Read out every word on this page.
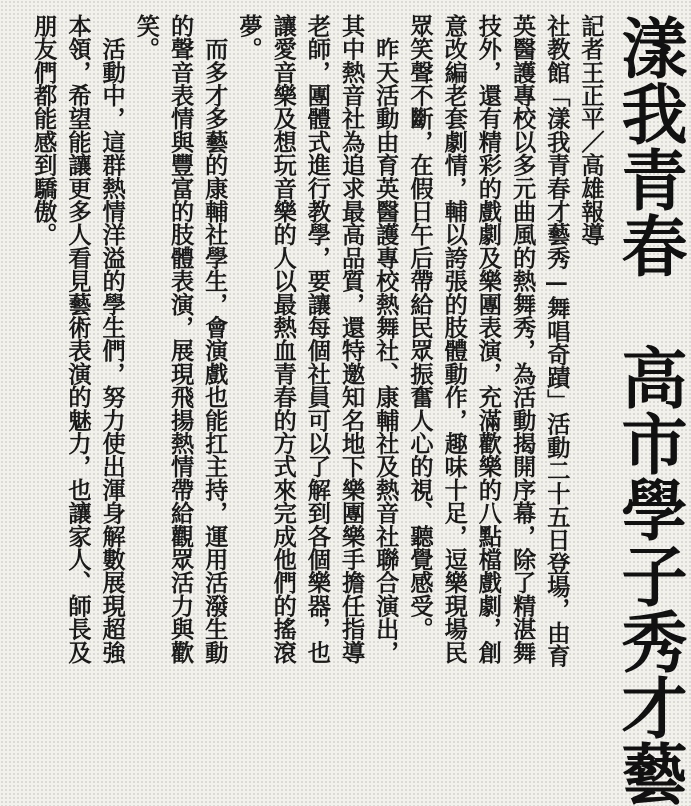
漾我青春　高市學子秀才藝

記者王正平／高雄報導

社教館「漾我青春才藝秀—舞唱奇蹟」活動二十五日登場，由育英醫護專校以多元曲風的熱舞秀，為活動揭開序幕，除了精湛舞技外，還有精彩的戲劇及樂團表演，充滿歡樂的八點檔戲劇，創意改編老套劇情，輔以誇張的肢體動作，趣味十足，逗樂現場民眾笑聲不斷，在假日午后帶給民眾振奮人心的視、聽覺感受。

　昨天活動由育英醫護專校熱舞社、康輔社及熱音社聯合演出，其中熱音社為追求最高品質，還特邀知名地下樂團樂手擔任指導老師，團體式進行教學，要讓每個社員可以了解到各個樂器，也讓愛音樂及想玩音樂的人以最熱血青春的方式來完成他們的搖滾夢。

　而多才多藝的康輔社學生，會演戲也能扛主持，運用活潑生動的聲音表情與豐富的肢體表演，展現飛揚熱情帶給觀眾活力與歡笑。

　活動中，這群熱情洋溢的學生們，努力使出渾身解數展現超強本領，希望能讓更多人看見藝術表演的魅力，也讓家人、師長及朋友們都能感到驕傲。
